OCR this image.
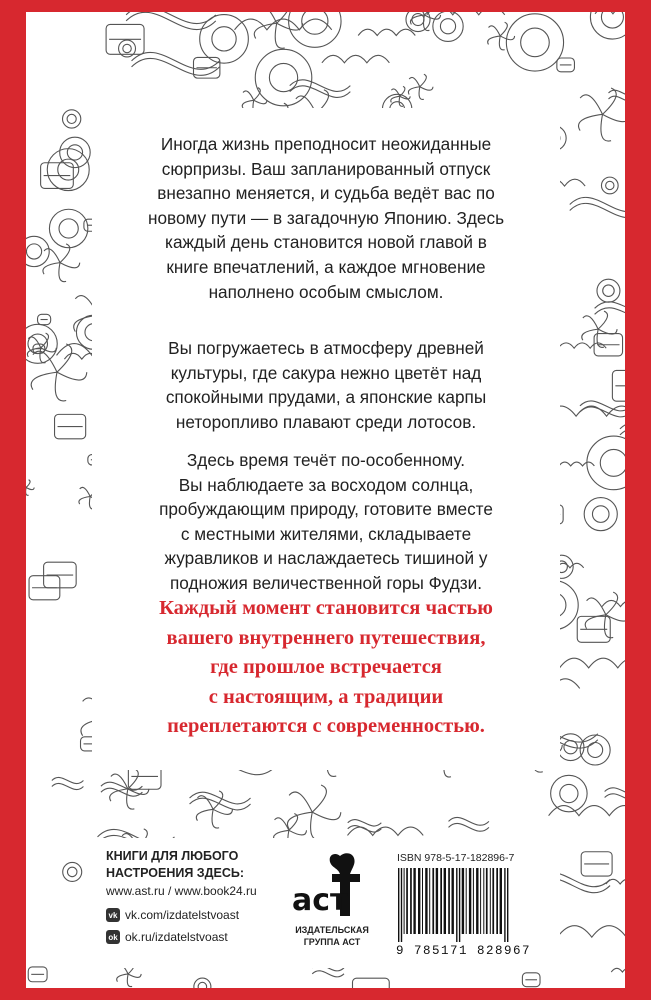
Иногда жизнь преподносит неожиданные
сюрпризы. Ваш запланированный отпуск
внезапно меняется, и судьба ведёт вас по
новому пути — в загадочную Японию. Здесь
каждый день становится новой главой в
книге впечатлений, а каждое мгновение
наполнено особым смыслом.

Вы погружаетесь в атмосферу древней
культуры, где сакура нежно цветёт над
спокойными прудами, а японские карпы
неторопливо плавают среди лотосов.

Здесь время течёт по-особенному.
Вы наблюдаете за восходом солнца,
пробуждающим природу, готовите вместе
с местными жителями, складываете
журавликов и наслаждаетесь тишиной у
подножия величественной горы Фудзи.

Каждый момент становится частью
вашего внутреннего путешествия,
где прошлое встречается
с настоящим, а традиции
переплетаются с современностью.

КНИГИ ДЛЯ ЛЮБОГО
НАСТРОЕНИЯ ЗДЕСЬ:
www.ast.ru / www.book24.ru
vk vk.com/izdatelstvoast
ok ok.ru/izdatelstvoast
аст
ИЗДАТЕЛЬСКАЯ
ГРУППА АСТ
ISBN 978-5-17-182896-7
9 785171 828967
